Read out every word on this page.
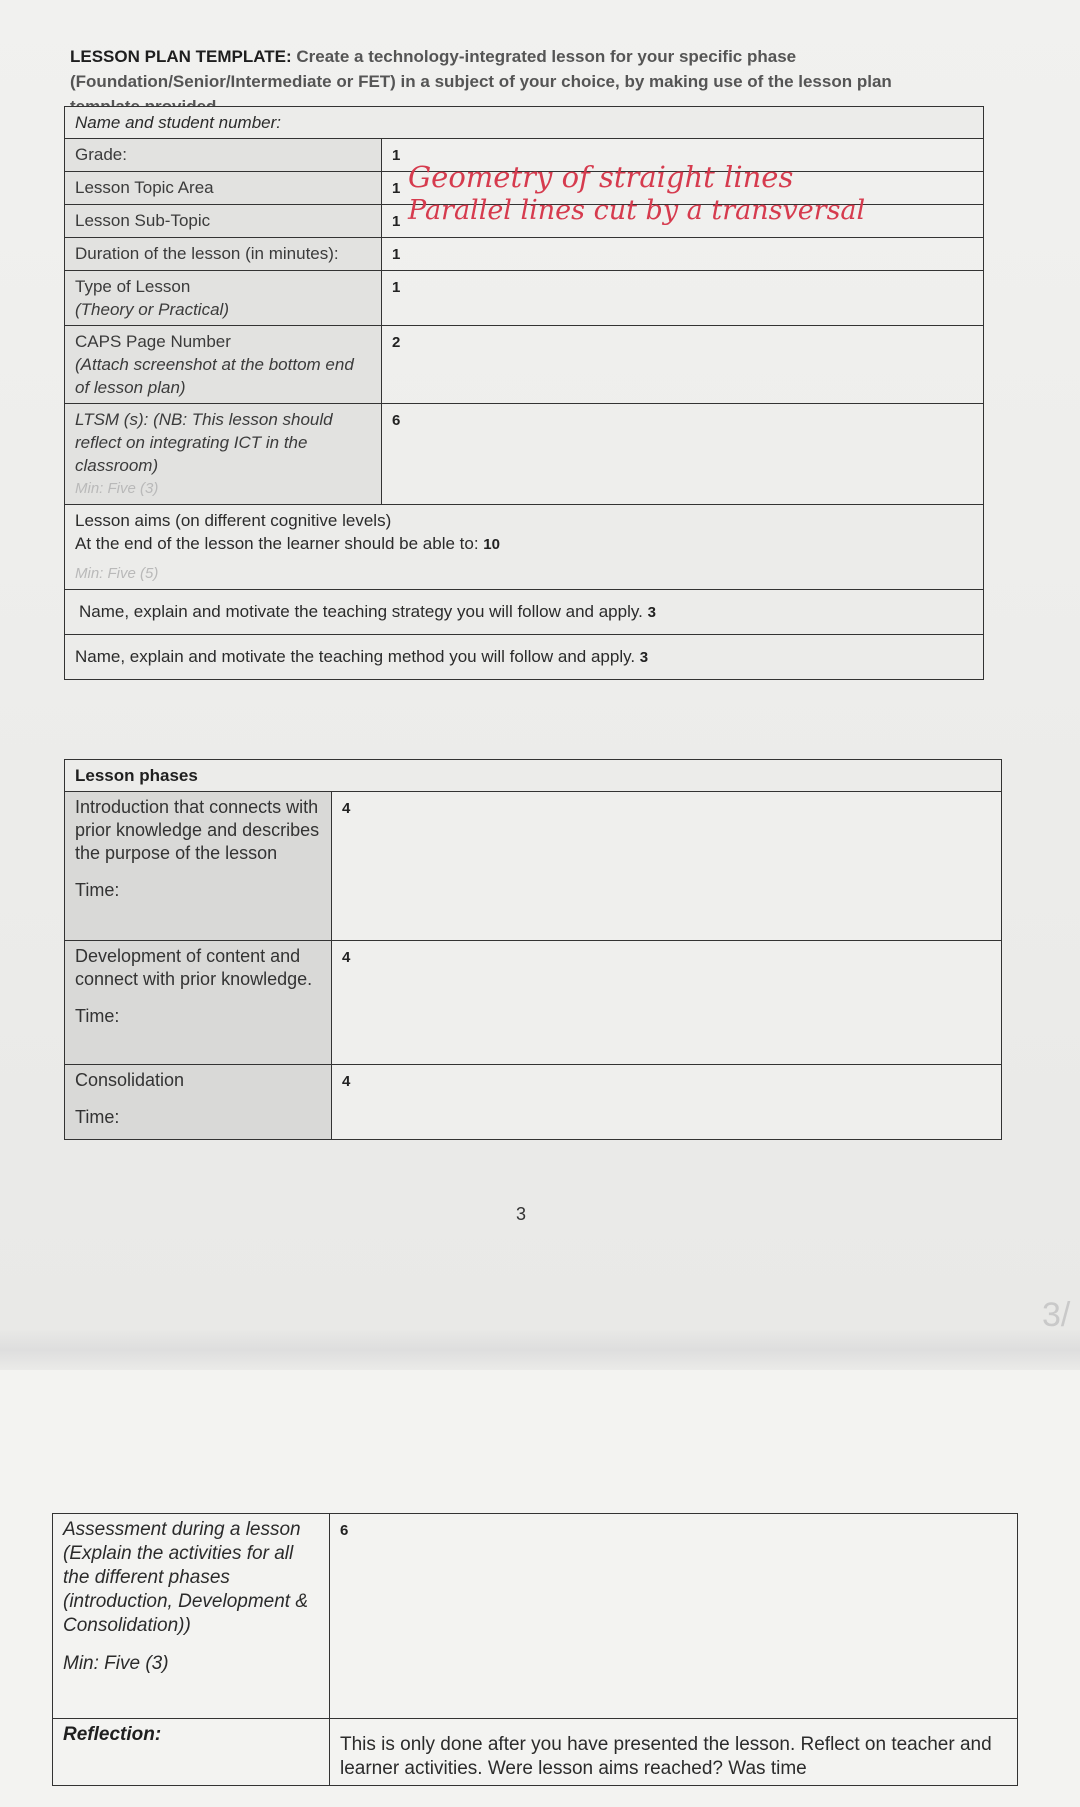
LESSON PLAN TEMPLATE: Create a technology-integrated lesson for your specific phase (Foundation/Senior/Intermediate or FET) in a subject of your choice, by making use of the lesson plan
Name and student number:	
Grade:	1
Lesson Topic Area	1 Geometry of straight lines

Lesson Sub-Topic	1 Parallel lines cut by a transversal

Duration of the lesson (in minutes):	1

Type of Lesson
(Theory or Practical)	1

CAPS Page Number
(Attach screenshot at the bottom end of lesson plan)	2

LTSM (s): (NB: This lesson should reflect on integrating ICT in the classroom)
Min: Five (3)	6

Lesson aims (on different cognitive levels)
At the end of the lesson the learner should be able to: 10
Min: Five (5)	

Name, explain and motivate the teaching strategy you will follow and apply. 3	
Name, explain and motivate the teaching method you will follow and apply. 3	
Lesson phases	

Introduction that connects with prior knowledge and describes the purpose of the lesson
Time:	4

Development of content and connect with prior knowledge.
Time:	4

Consolidation
Time:	4
3
3/
Assessment during a lesson (Explain the activities for all the different phases (introduction, Development & Consolidation))
Min: Five (3)	6
Reflection:	This is only done after you have presented the lesson. Reflect on teacher and learner activities. Were lesson aims reached? Was time
